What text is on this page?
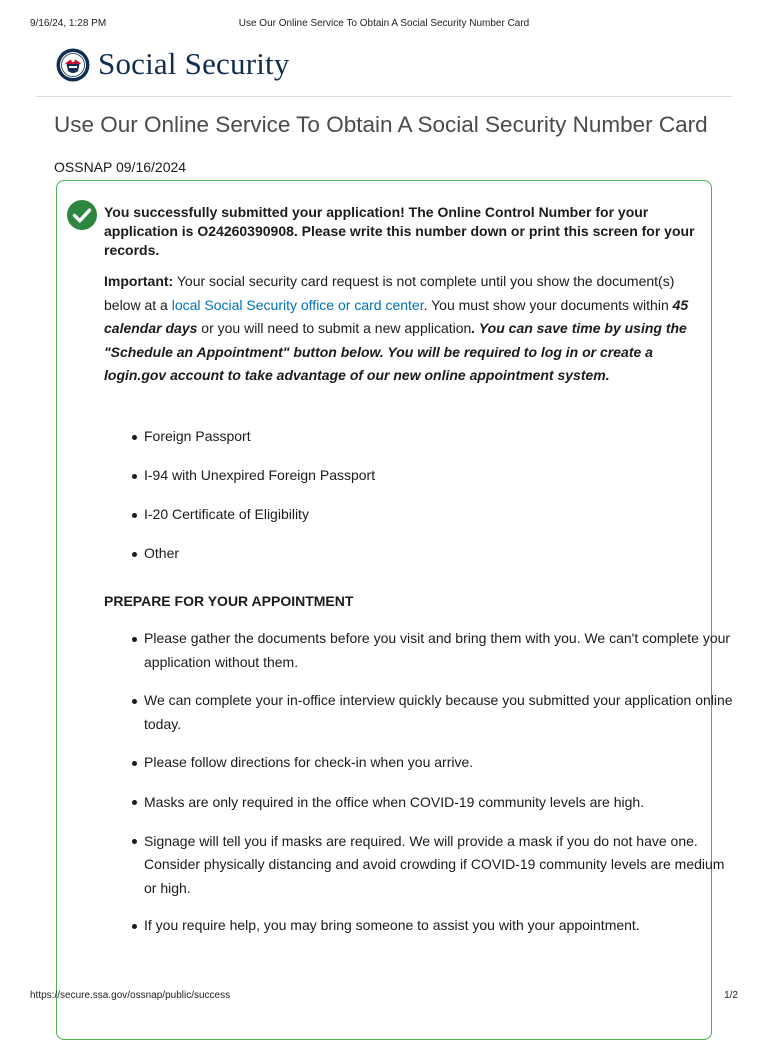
9/16/24, 1:28 PM	Use Our Online Service To Obtain A Social Security Number Card
Social Security
Use Our Online Service To Obtain A Social Security Number Card
OSSNAP 09/16/2024
You successfully submitted your application! The Online Control Number for your application is O24260390908. Please write this number down or print this screen for your records.

Important: Your social security card request is not complete until you show the document(s) below at a local Social Security office or card center. You must show your documents within 45 calendar days or you will need to submit a new application. You can save time by using the "Schedule an Appointment" button below. You will be required to log in or create a login.gov account to take advantage of our new online appointment system.

Foreign Passport
I-94 with Unexpired Foreign Passport
I-20 Certificate of Eligibility
Other
PREPARE FOR YOUR APPOINTMENT
Please gather the documents before you visit and bring them with you. We can't complete your application without them.
We can complete your in-office interview quickly because you submitted your application online today.
Please follow directions for check-in when you arrive.
Masks are only required in the office when COVID-19 community levels are high.
Signage will tell you if masks are required. We will provide a mask if you do not have one. Consider physically distancing and avoid crowding if COVID-19 community levels are medium or high.
If you require help, you may bring someone to assist you with your appointment.
https://secure.ssa.gov/ossnap/public/success	1/2
